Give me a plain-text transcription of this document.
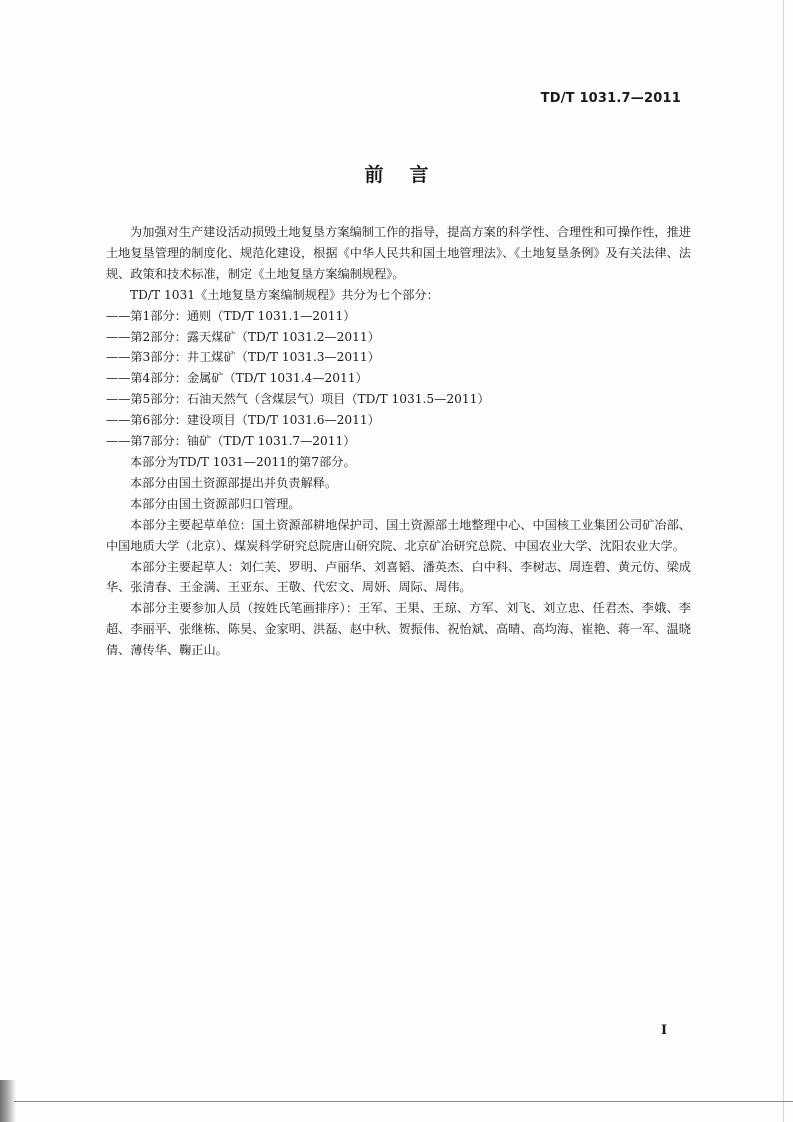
TD/T 1031.7—2011
前言

为加强对生产建设活动损毁土地复垦方案编制工作的指导，提高方案的科学性、合理性和可操作性，推进土地复垦管理的制度化、规范化建设，根据《中华人民共和国土地管理法》、《土地复垦条例》及有关法律、法规、政策和技术标准，制定《土地复垦方案编制规程》。

TD/T 1031《土地复垦方案编制规程》共分为七个部分：

——第1部分：通则（TD/T 1031.1—2011）

——第2部分：露天煤矿（TD/T 1031.2—2011）

——第3部分：井工煤矿（TD/T 1031.3—2011）

——第4部分：金属矿（TD/T 1031.4—2011）

——第5部分：石油天然气（含煤层气）项目（TD/T 1031.5—2011）

——第6部分：建设项目（TD/T 1031.6—2011）

——第7部分：铀矿（TD/T 1031.7—2011）

本部分为TD/T 1031—2011的第7部分。

本部分由国土资源部提出并负责解释。

本部分由国土资源部归口管理。

本部分主要起草单位：国土资源部耕地保护司、国土资源部土地整理中心、中国核工业集团公司矿冶部、中国地质大学（北京）、煤炭科学研究总院唐山研究院、北京矿冶研究总院、中国农业大学、沈阳农业大学。

本部分主要起草人：刘仁芙、罗明、卢丽华、刘喜韬、潘英杰、白中科、李树志、周连碧、黄元仿、梁成华、张清春、王金满、王亚东、王敬、代宏文、周妍、周际、周伟。

本部分主要参加人员（按姓氏笔画排序）：王军、王果、王琼、方军、刘飞、刘立忠、任君杰、李娥、李超、李丽平、张继栋、陈昊、金家明、洪磊、赵中秋、贺振伟、祝怡斌、高晴、高均海、崔艳、蒋一军、温晓倩、薄传华、鞠正山。

I
